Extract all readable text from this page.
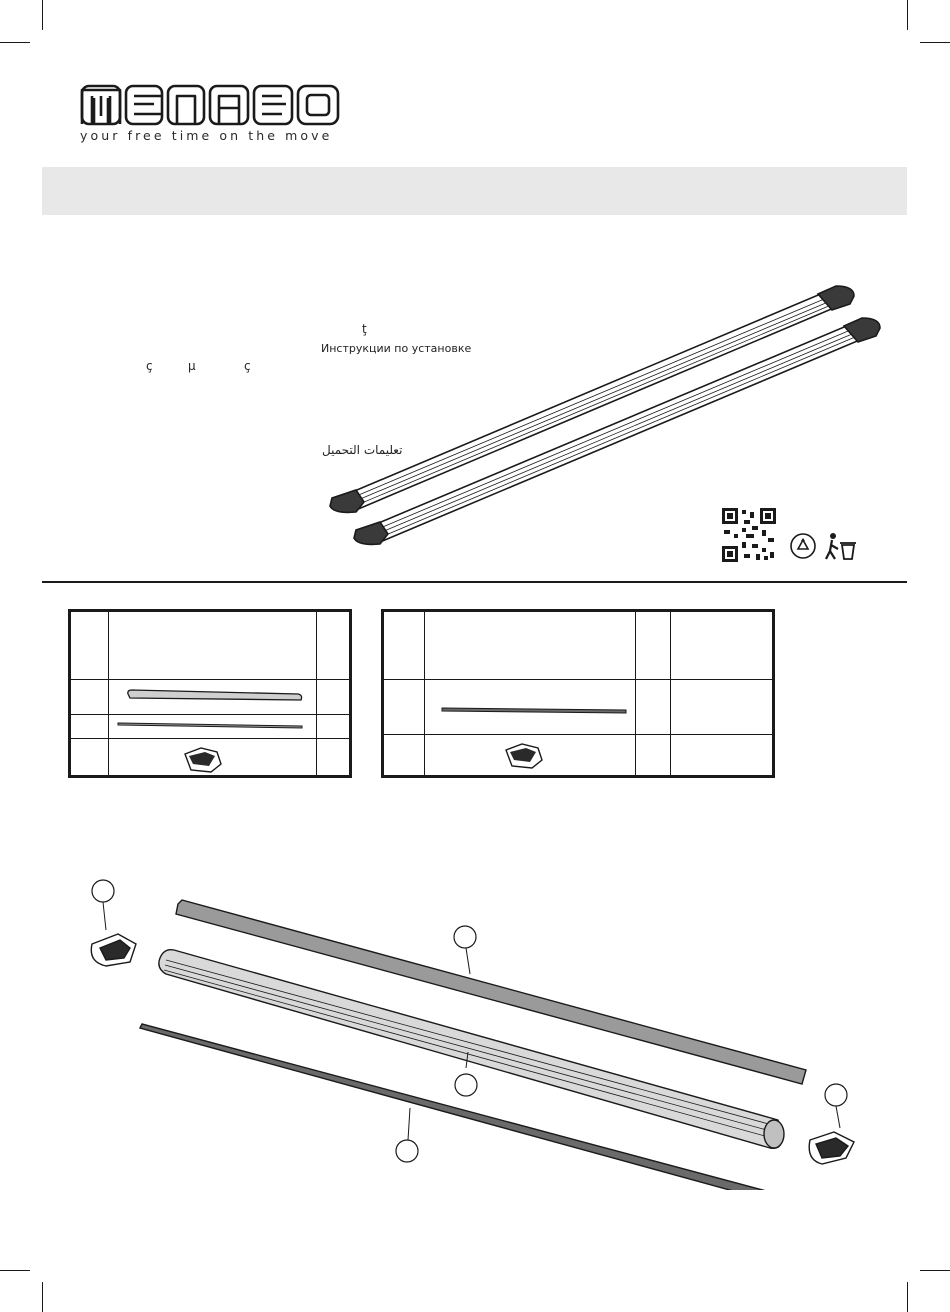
your free time on the move
ç	µ	ç
ţ
Инструкции по установке
تعليمات التحميل
